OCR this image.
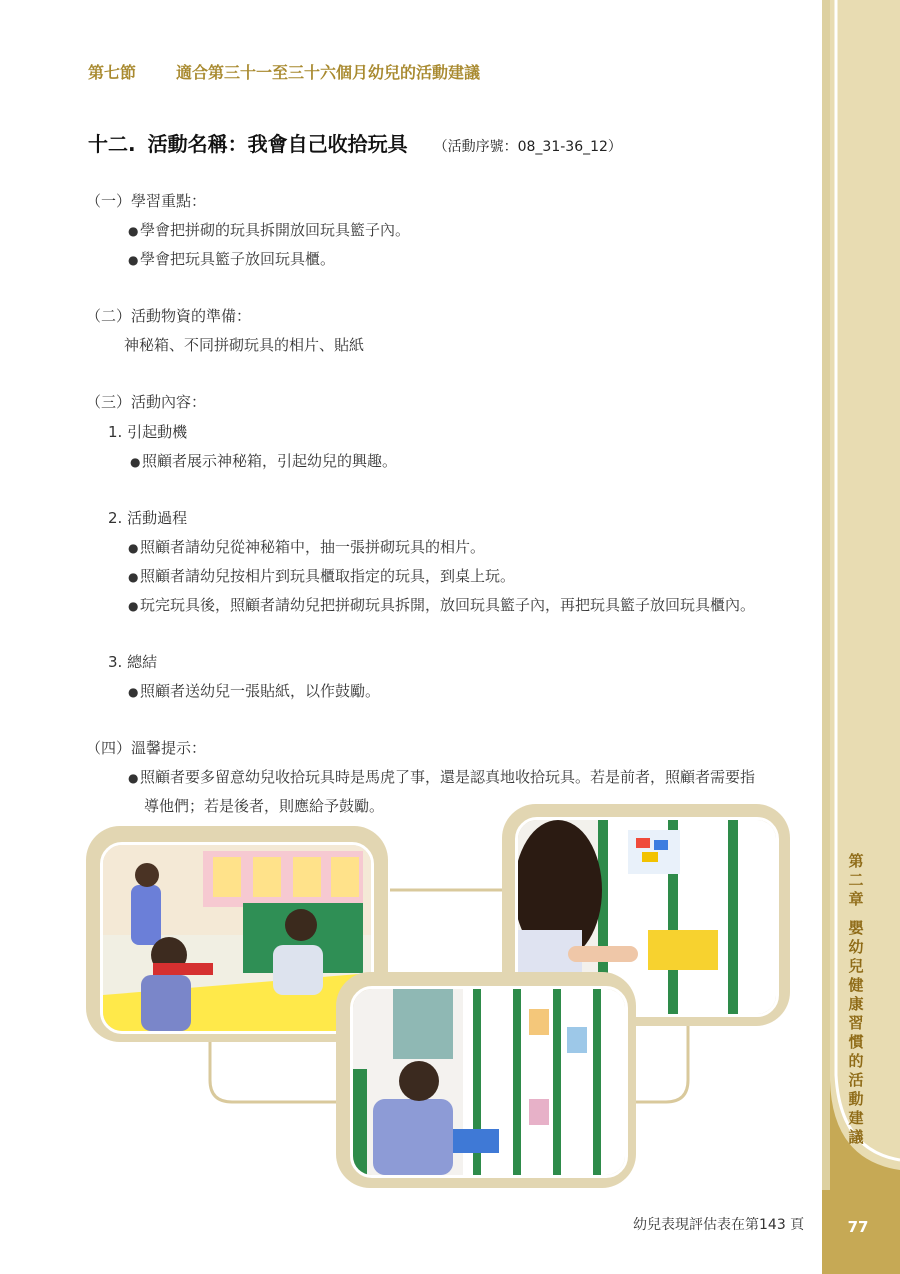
第二章

嬰幼兒健康習慣的活動建議
77
第七節	適合第三十一至三十六個月幼兒的活動建議
十二. 活動名稱：我會自己收拾玩具 （活動序號：08_31-36_12）
（一）學習重點：
● 學會把拼砌的玩具拆開放回玩具籃子內。
● 學會把玩具籃子放回玩具櫃。
（二）活動物資的準備：
神秘箱、不同拼砌玩具的相片、貼紙
（三）活動內容：
1. 引起動機
● 照顧者展示神秘箱，引起幼兒的興趣。
2. 活動過程
● 照顧者請幼兒從神秘箱中，抽一張拼砌玩具的相片。
● 照顧者請幼兒按相片到玩具櫃取指定的玩具，到桌上玩。
● 玩完玩具後，照顧者請幼兒把拼砌玩具拆開，放回玩具籃子內，再把玩具籃子放回玩具櫃內。
3. 總結
● 照顧者送幼兒一張貼紙，以作鼓勵。
（四）溫馨提示：
● 照顧者要多留意幼兒收拾玩具時是馬虎了事，還是認真地收拾玩具。若是前者，照顧者需要指
導他們；若是後者，則應給予鼓勵。
幼兒表現評估表在第143 頁
